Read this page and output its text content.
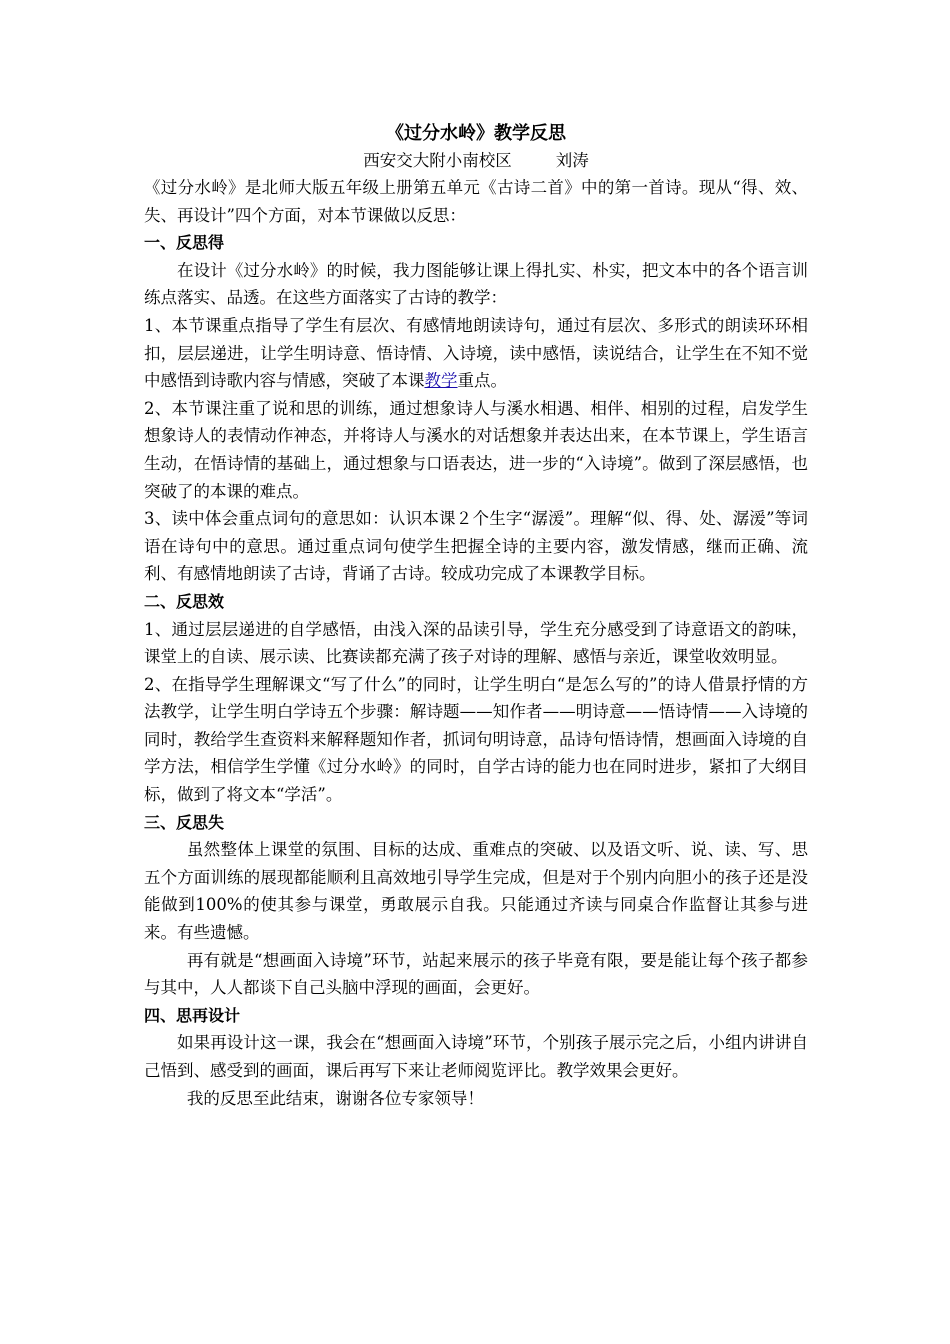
《过分水岭》教学反思

西安交大附小南校区	刘涛

《过分水岭》是北师大版五年级上册第五单元《古诗二首》中的第一首诗。现从“得、效、失、再设计”四个方面，对本节课做以反思：

一、反思得

在设计《过分水岭》的时候，我力图能够让课上得扎实、朴实，把文本中的各个语言训练点落实、品透。在这些方面落实了古诗的教学：

1、本节课重点指导了学生有层次、有感情地朗读诗句，通过有层次、多形式的朗读环环相扣，层层递进，让学生明诗意、悟诗情、入诗境，读中感悟，读说结合，让学生在不知不觉中感悟到诗歌内容与情感，突破了本课教学重点。

2、本节课注重了说和思的训练，通过想象诗人与溪水相遇、相伴、相别的过程，启发学生想象诗人的表情动作神态，并将诗人与溪水的对话想象并表达出来，在本节课上，学生语言生动，在悟诗情的基础上，通过想象与口语表达，进一步的“入诗境”。做到了深层感悟，也突破了的本课的难点。

3、读中体会重点词句的意思如：认识本课２个生字“潺湲”。理解“似、得、处、潺湲”等词语在诗句中的意思。通过重点词句使学生把握全诗的主要内容，激发情感，继而正确、流利、有感情地朗读了古诗，背诵了古诗。较成功完成了本课教学目标。

二、反思效

1、通过层层递进的自学感悟，由浅入深的品读引导，学生充分感受到了诗意语文的韵味，课堂上的自读、展示读、比赛读都充满了孩子对诗的理解、感悟与亲近，课堂收效明显。

2、在指导学生理解课文“写了什么”的同时，让学生明白“是怎么写的”的诗人借景抒情的方法教学，让学生明白学诗五个步骤：解诗题——知作者——明诗意——悟诗情——入诗境的同时，教给学生查资料来解释题知作者，抓词句明诗意，品诗句悟诗情，想画面入诗境的自学方法，相信学生学懂《过分水岭》的同时，自学古诗的能力也在同时进步，紧扣了大纲目标，做到了将文本“学活”。

三、反思失

虽然整体上课堂的氛围、目标的达成、重难点的突破、以及语文听、说、读、写、思五个方面训练的展现都能顺利且高效地引导学生完成，但是对于个别内向胆小的孩子还是没能做到100%的使其参与课堂，勇敢展示自我。只能通过齐读与同桌合作监督让其参与进来。有些遗憾。

再有就是“想画面入诗境”环节，站起来展示的孩子毕竟有限，要是能让每个孩子都参与其中，人人都谈下自己头脑中浮现的画面，会更好。

四、思再设计

如果再设计这一课，我会在“想画面入诗境”环节，个别孩子展示完之后，小组内讲讲自己悟到、感受到的画面，课后再写下来让老师阅览评比。教学效果会更好。

我的反思至此结束，谢谢各位专家领导！
